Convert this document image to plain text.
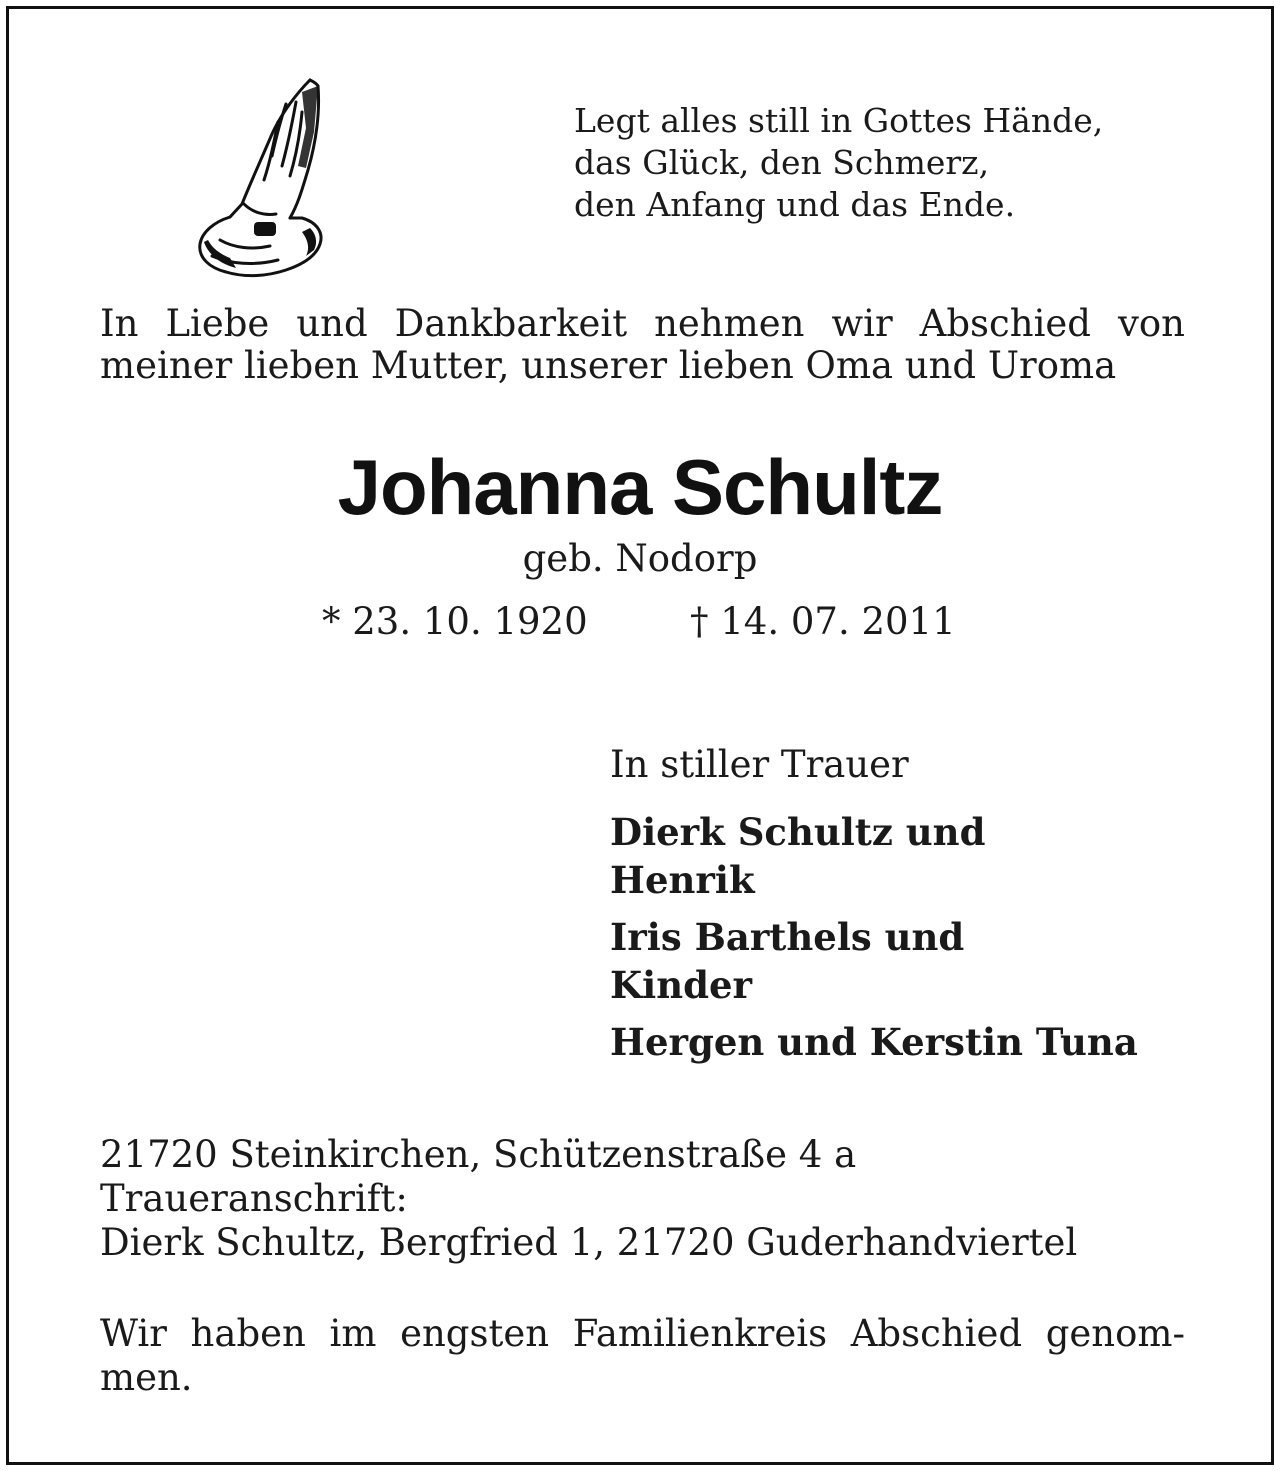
Legt alles still in Gottes Hände,
das Glück, den Schmerz,
den Anfang und das Ende.
In Liebe und Dankbarkeit nehmen wir Abschied von
meiner lieben Mutter, unserer lieben Oma und Uroma
Johanna Schultz
geb. Nodorp
* 23. 10. 1920	† 14. 07. 2011
In stiller Trauer
Dierk Schultz und
Henrik
Iris Barthels und
Kinder
Hergen und Kerstin Tuna
21720 Steinkirchen, Schützenstraße 4 a
Traueranschrift:
Dierk Schultz, Bergfried 1, 21720 Guderhandviertel
Wir haben im engsten Familienkreis Abschied genom-
men.
